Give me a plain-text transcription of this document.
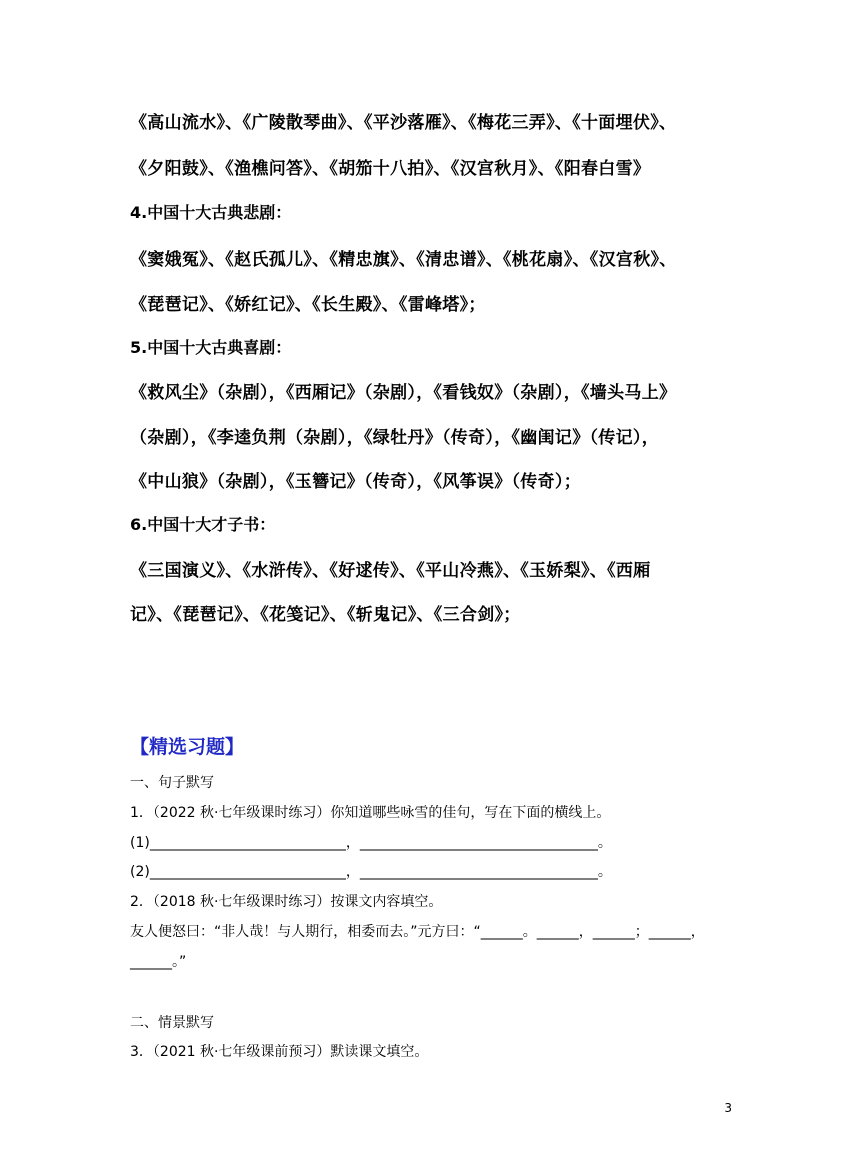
《高山流水》、《广陵散琴曲》、《平沙落雁》、《梅花三弄》、《十面埋伏》、
《夕阳鼓》、《渔樵问答》、《胡笳十八拍》、《汉宫秋月》、《阳春白雪》
4.中国十大古典悲剧：
《窦娥冤》、《赵氏孤儿》、《精忠旗》、《清忠谱》、《桃花扇》、《汉宫秋》、
《琵琶记》、《娇红记》、《长生殿》、《雷峰塔》；
5.中国十大古典喜剧：
《救风尘》（杂剧），《西厢记》（杂剧），《看钱奴》（杂剧），《墙头马上》
（杂剧），《李逵负荆（杂剧），《绿牡丹》（传奇），《幽闺记》（传记），
《中山狼》（杂剧），《玉簪记》（传奇），《风筝误》（传奇）；
6.中国十大才子书：
《三国演义》、《水浒传》、《好逑传》、《平山冷燕》、《玉娇梨》、《西厢
记》、《琵琶记》、《花笺记》、《斩鬼记》、《三合剑》；
【精选习题】
一、句子默写
1．（2022 秋·七年级课时练习）你知道哪些咏雪的佳句，写在下面的横线上。
(1)____________________________，__________________________________。
(2)____________________________，__________________________________。
2．（2018 秋·七年级课时练习）按课文内容填空。
友人便怒曰：“非人哉！与人期行，相委而去。”元方曰：“______。______，______；______，
______。”
二、情景默写
3．（2021 秋·七年级课前预习）默读课文填空。
3
